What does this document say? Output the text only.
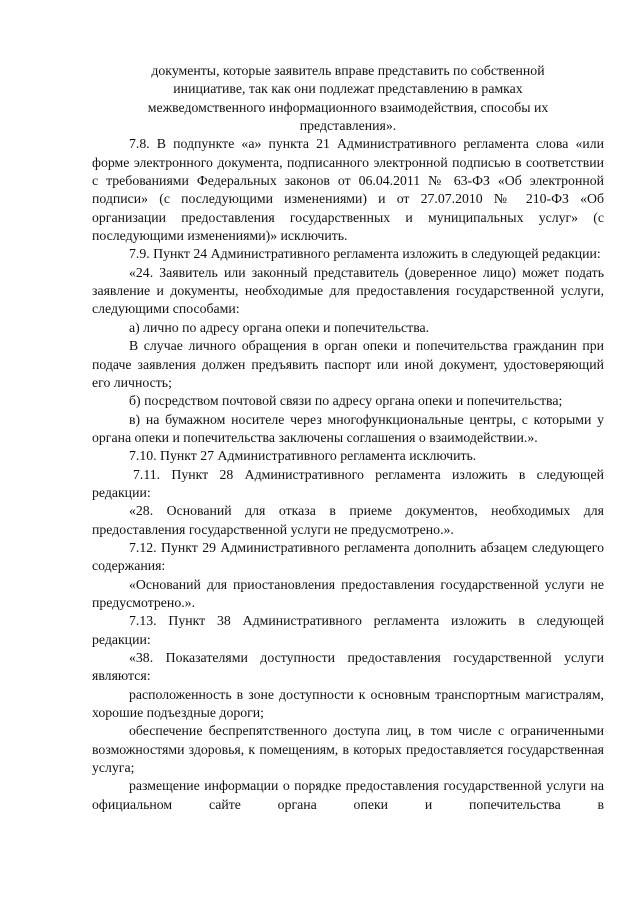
документы, которые заявитель вправе представить по собственной инициативе, так как они подлежат представлению в рамках межведомственного информационного взаимодействия, способы их представления».

7.8. В подпункте «а» пункта 21 Административного регламента слова «или форме электронного документа, подписанного электронной подписью в соответствии с требованиями Федеральных законов от 06.04.2011 № 63-ФЗ «Об электронной подписи» (с последующими изменениями) и от 27.07.2010 № 210-ФЗ «Об организации предоставления государственных и муниципальных услуг» (с последующими изменениями)» исключить.

7.9. Пункт 24 Административного регламента изложить в следующей редакции:

«24. Заявитель или законный представитель (доверенное лицо) может подать заявление и документы, необходимые для предоставления государственной услуги, следующими способами:

а) лично по адресу органа опеки и попечительства.

В случае личного обращения в орган опеки и попечительства гражданин при подаче заявления должен предъявить паспорт или иной документ, удостоверяющий его личность;

б) посредством почтовой связи по адресу органа опеки и попечительства;

в) на бумажном носителе через многофункциональные центры, с которыми у органа опеки и попечительства заключены соглашения о взаимодействии.».

7.10. Пункт 27 Административного регламента исключить.

7.11. Пункт 28 Административного регламента изложить в следующей редакции:

«28. Оснований для отказа в приеме документов, необходимых для предоставления государственной услуги не предусмотрено.».

7.12. Пункт 29 Административного регламента дополнить абзацем следующего содержания:

«Оснований для приостановления предоставления государственной услуги не предусмотрено.».

7.13. Пункт 38 Административного регламента изложить в следующей редакции:

«38. Показателями доступности предоставления государственной услуги являются:

расположенность в зоне доступности к основным транспортным магистралям, хорошие подъездные дороги;

обеспечение беспрепятственного доступа лиц, в том числе с ограниченными возможностями здоровья, к помещениям, в которых предоставляется государственная услуга;

размещение информации о порядке предоставления государственной услуги на официальном сайте органа опеки и попечительства в
